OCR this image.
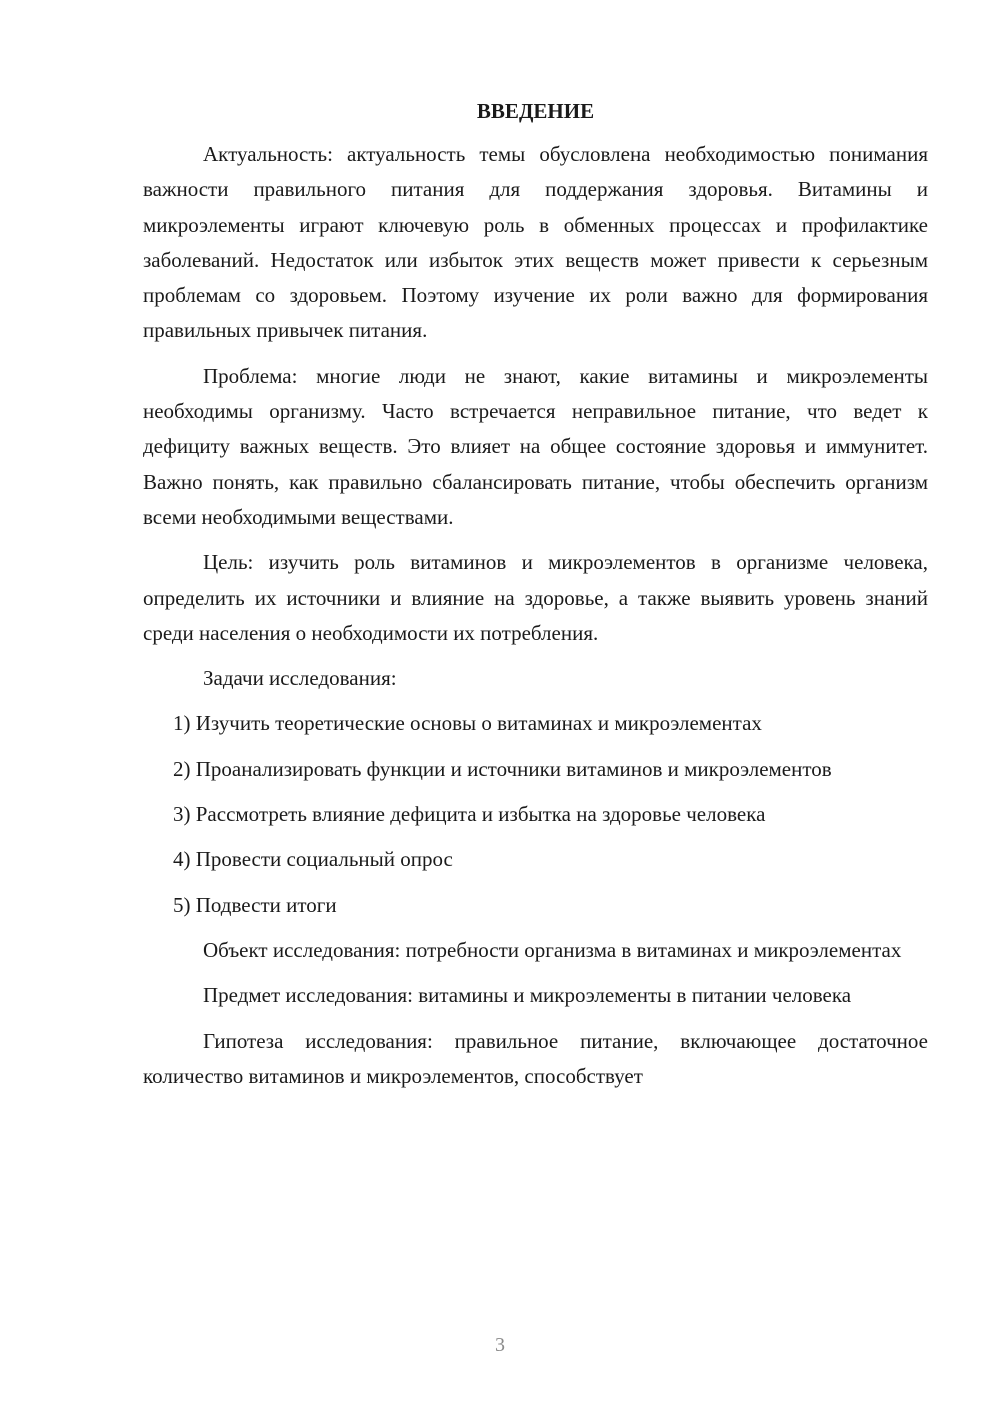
ВВЕДЕНИЕ

Актуальность: актуальность темы обусловлена необходимостью понимания важности правильного питания для поддержания здоровья. Витамины и микроэлементы играют ключевую роль в обменных процессах и профилактике заболеваний. Недостаток или избыток этих веществ может привести к серьезным проблемам со здоровьем. Поэтому изучение их роли важно для формирования правильных привычек питания.

Проблема: многие люди не знают, какие витамины и микроэлементы необходимы организму. Часто встречается неправильное питание, что ведет к дефициту важных веществ. Это влияет на общее состояние здоровья и иммунитет. Важно понять, как правильно сбалансировать питание, чтобы обеспечить организм всеми необходимыми веществами.

Цель: изучить роль витаминов и микроэлементов в организме человека, определить их источники и влияние на здоровье, а также выявить уровень знаний среди населения о необходимости их потребления.

Задачи исследования:

1) Изучить теоретические основы о витаминах и микроэлементах

2) Проанализировать функции и источники витаминов и микроэлементов

3) Рассмотреть влияние дефицита и избытка на здоровье человека

4) Провести социальный опрос

5) Подвести итоги

Объект исследования: потребности организма в витаминах и микроэлементах

Предмет исследования: витамины и микроэлементы в питании человека

Гипотеза исследования: правильное питание, включающее достаточное количество витаминов и микроэлементов, способствует

3
